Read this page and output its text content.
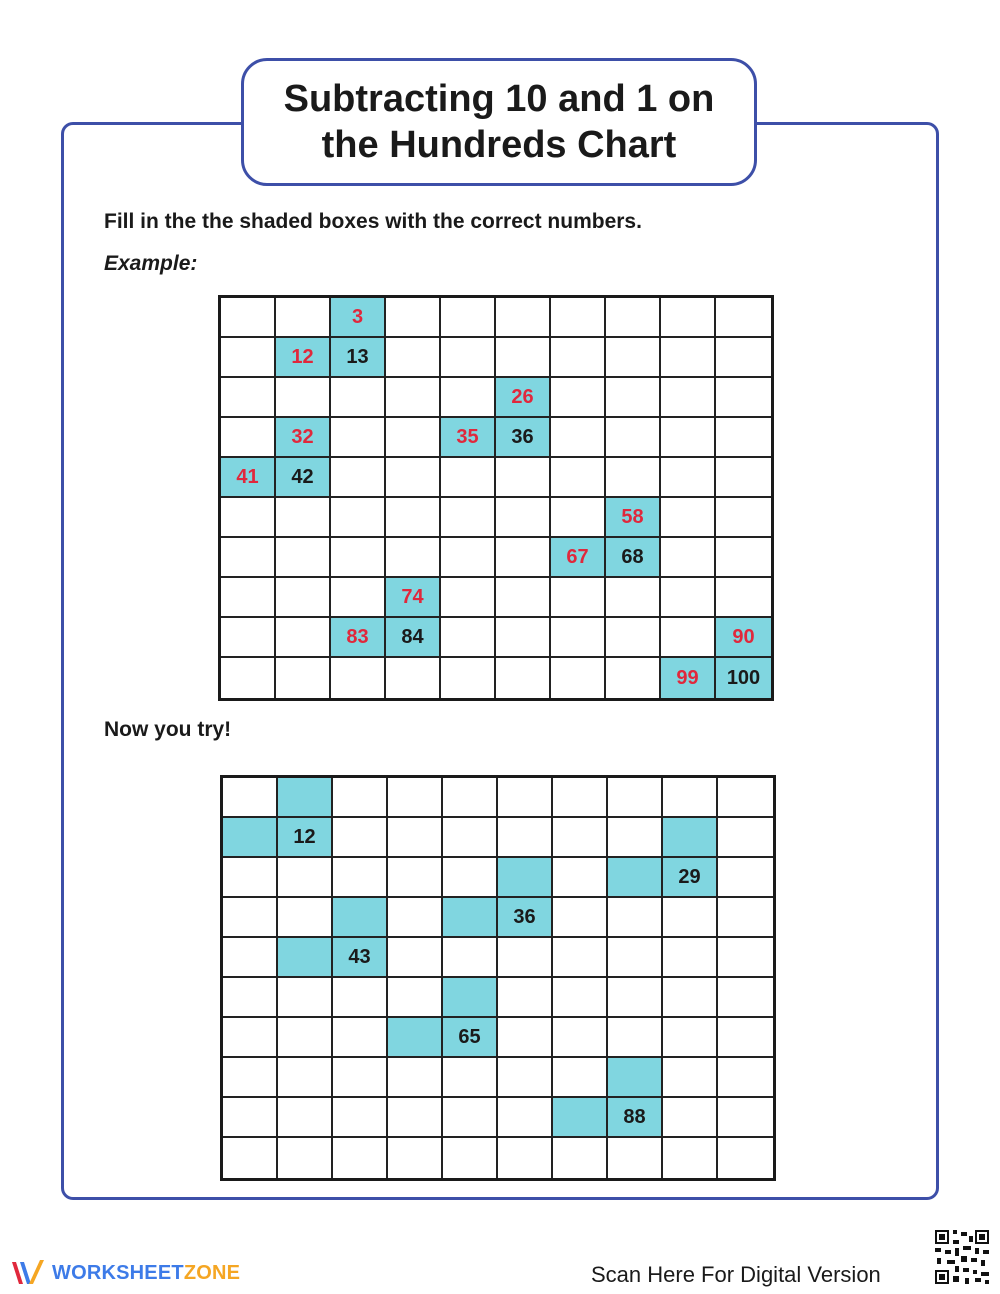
Subtracting 10 and 1 on
the Hundreds Chart
Fill in the the shaded boxes with the correct numbers.
Example:
3
12	13
26
32	35	36
41	42
58
67	68
74
83	84	90
99	100
Now you try!
12
29
36
43
65
88
WORKSHEETZONE	Scan Here For Digital Version
